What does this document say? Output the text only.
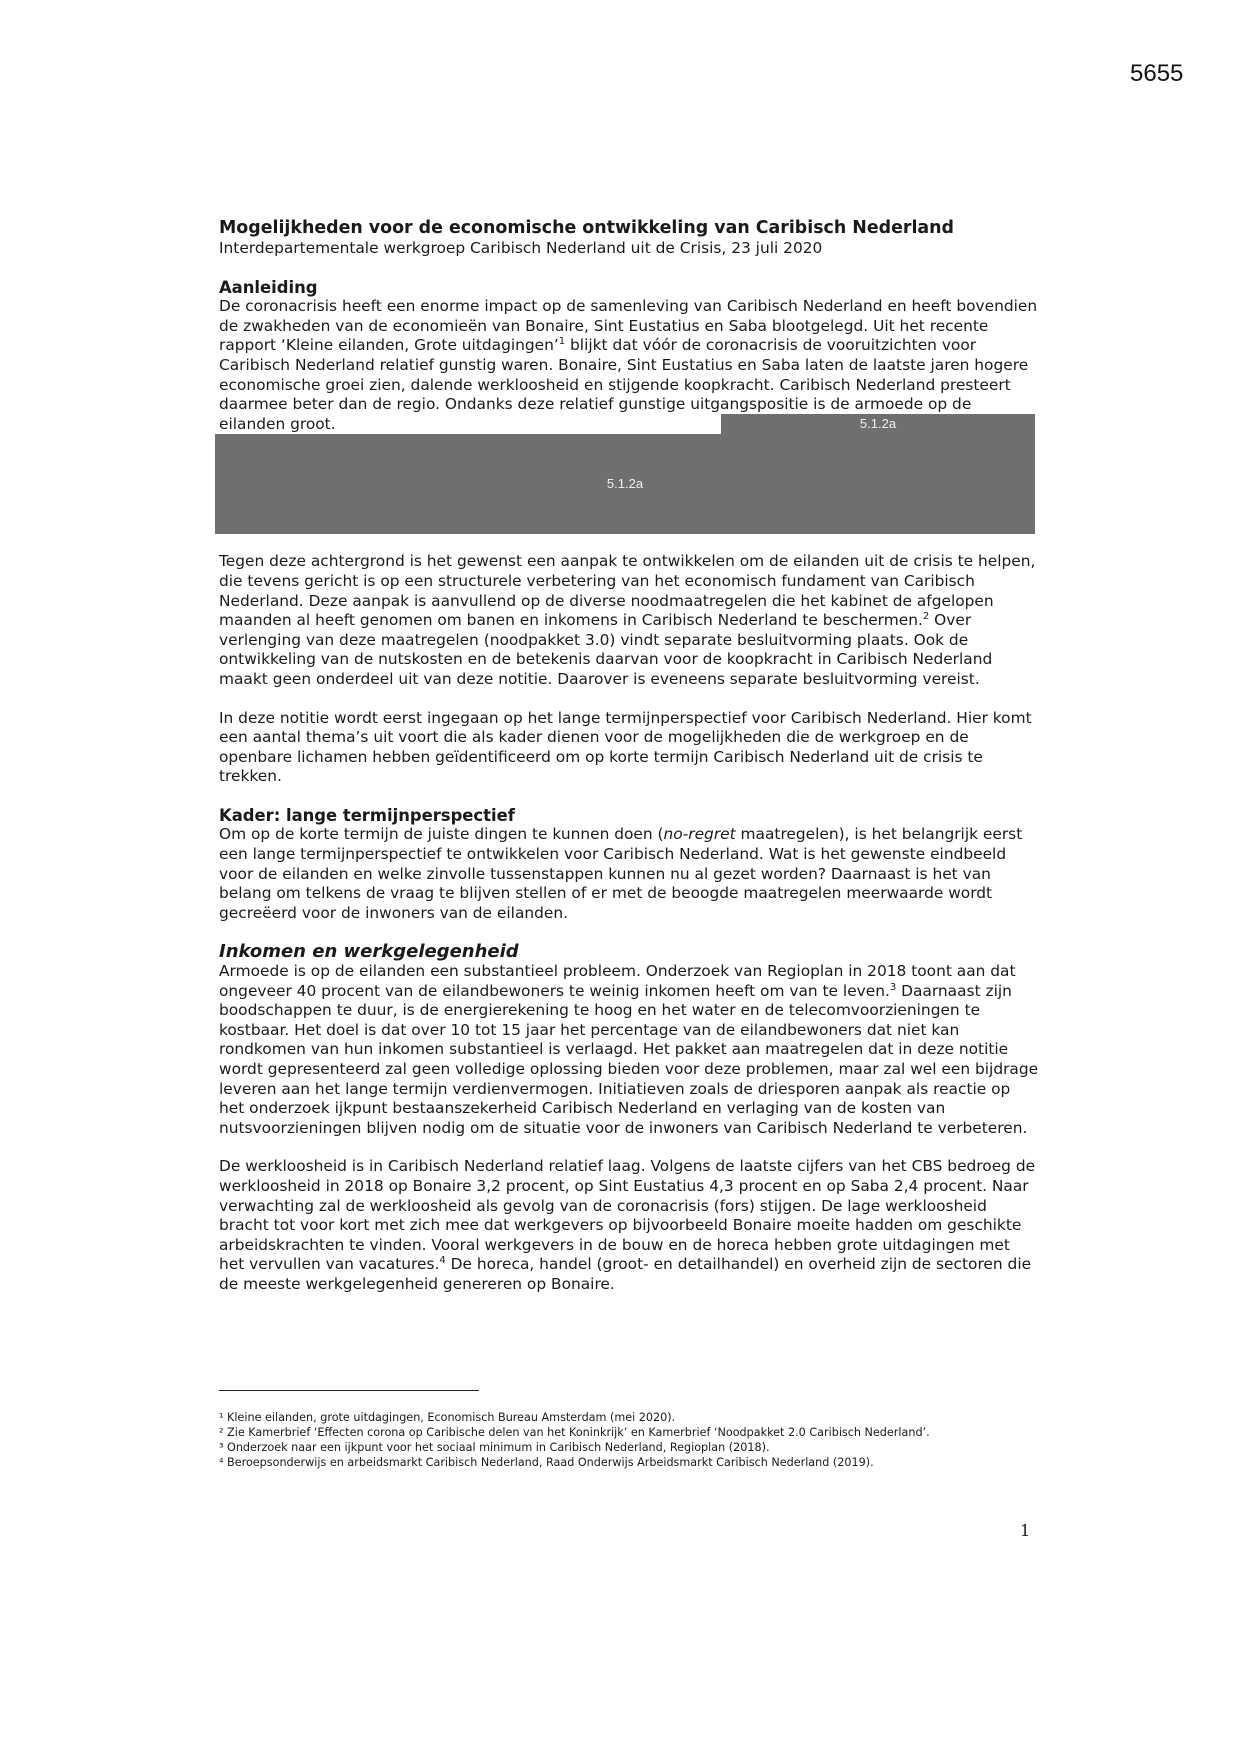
5655
Mogelijkheden voor de economische ontwikkeling van Caribisch Nederland
Interdepartementale werkgroep Caribisch Nederland uit de Crisis, 23 juli 2020
Aanleiding

De coronacrisis heeft een enorme impact op de samenleving van Caribisch Nederland en heeft bovendien de zwakheden van de economieën van Bonaire, Sint Eustatius en Saba blootgelegd. Uit het recente rapport ‘Kleine eilanden, Grote uitdagingen’$^1$ blijkt dat vóór de coronacrisis de vooruitzichten voor Caribisch Nederland relatief gunstig waren. Bonaire, Sint Eustatius en Saba laten de laatste jaren hogere economische groei zien, dalende werkloosheid en stijgende koopkracht. Caribisch Nederland presteert daarmee beter dan de regio. Ondanks deze relatief gunstige uitgangspositie is de armoede op de eilanden groot.	5.1.2a
5.1.2a

Tegen deze achtergrond is het gewenst een aanpak te ontwikkelen om de eilanden uit de crisis te helpen, die tevens gericht is op een structurele verbetering van het economisch fundament van Caribisch Nederland. Deze aanpak is aanvullend op de diverse noodmaatregelen die het kabinet de afgelopen maanden al heeft genomen om banen en inkomens in Caribisch Nederland te beschermen.$^2$ Over verlenging van deze maatregelen (noodpakket 3.0) vindt separate besluitvorming plaats. Ook de ontwikkeling van de nutskosten en de betekenis daarvan voor de koopkracht in Caribisch Nederland maakt geen onderdeel uit van deze notitie. Daarover is eveneens separate besluitvorming vereist.

In deze notitie wordt eerst ingegaan op het lange termijnperspectief voor Caribisch Nederland. Hier komt een aantal thema’s uit voort die als kader dienen voor de mogelijkheden die de werkgroep en de openbare lichamen hebben geïdentificeerd om op korte termijn Caribisch Nederland uit de crisis te trekken.

Kader: lange termijnperspectief

Om op de korte termijn de juiste dingen te kunnen doen (no-regret maatregelen), is het belangrijk eerst een lange termijnperspectief te ontwikkelen voor Caribisch Nederland. Wat is het gewenste eindbeeld voor de eilanden en welke zinvolle tussenstappen kunnen nu al gezet worden? Daarnaast is het van belang om telkens de vraag te blijven stellen of er met de beoogde maatregelen meerwaarde wordt gecreëerd voor de inwoners van de eilanden.

Inkomen en werkgelegenheid

Armoede is op de eilanden een substantieel probleem. Onderzoek van Regioplan in 2018 toont aan dat ongeveer 40 procent van de eilandbewoners te weinig inkomen heeft om van te leven.$^3$ Daarnaast zijn boodschappen te duur, is de energierekening te hoog en het water en de telecomvoorzieningen te kostbaar. Het doel is dat over 10 tot 15 jaar het percentage van de eilandbewoners dat niet kan rondkomen van hun inkomen substantieel is verlaagd. Het pakket aan maatregelen dat in deze notitie wordt gepresenteerd zal geen volledige oplossing bieden voor deze problemen, maar zal wel een bijdrage leveren aan het lange termijn verdienvermogen. Initiatieven zoals de driesporen aanpak als reactie op het onderzoek ijkpunt bestaanszekerheid Caribisch Nederland en verlaging van de kosten van nutsvoorzieningen blijven nodig om de situatie voor de inwoners van Caribisch Nederland te verbeteren.

De werkloosheid is in Caribisch Nederland relatief laag. Volgens de laatste cijfers van het CBS bedroeg de werkloosheid in 2018 op Bonaire 3,2 procent, op Sint Eustatius 4,3 procent en op Saba 2,4 procent. Naar verwachting zal de werkloosheid als gevolg van de coronacrisis (fors) stijgen. De lage werkloosheid bracht tot voor kort met zich mee dat werkgevers op bijvoorbeeld Bonaire moeite hadden om geschikte arbeidskrachten te vinden. Vooral werkgevers in de bouw en de horeca hebben grote uitdagingen met het vervullen van vacatures.$^4$ De horeca, handel (groot- en detailhandel) en overheid zijn de sectoren die de meeste werkgelegenheid genereren op Bonaire.

¹ Kleine eilanden, grote uitdagingen, Economisch Bureau Amsterdam (mei 2020).
² Zie Kamerbrief ‘Effecten corona op Caribische delen van het Koninkrijk’ en Kamerbrief ‘Noodpakket 2.0 Caribisch Nederland’.
³ Onderzoek naar een ijkpunt voor het sociaal minimum in Caribisch Nederland, Regioplan (2018).
⁴ Beroepsonderwijs en arbeidsmarkt Caribisch Nederland, Raad Onderwijs Arbeidsmarkt Caribisch Nederland (2019).
1
